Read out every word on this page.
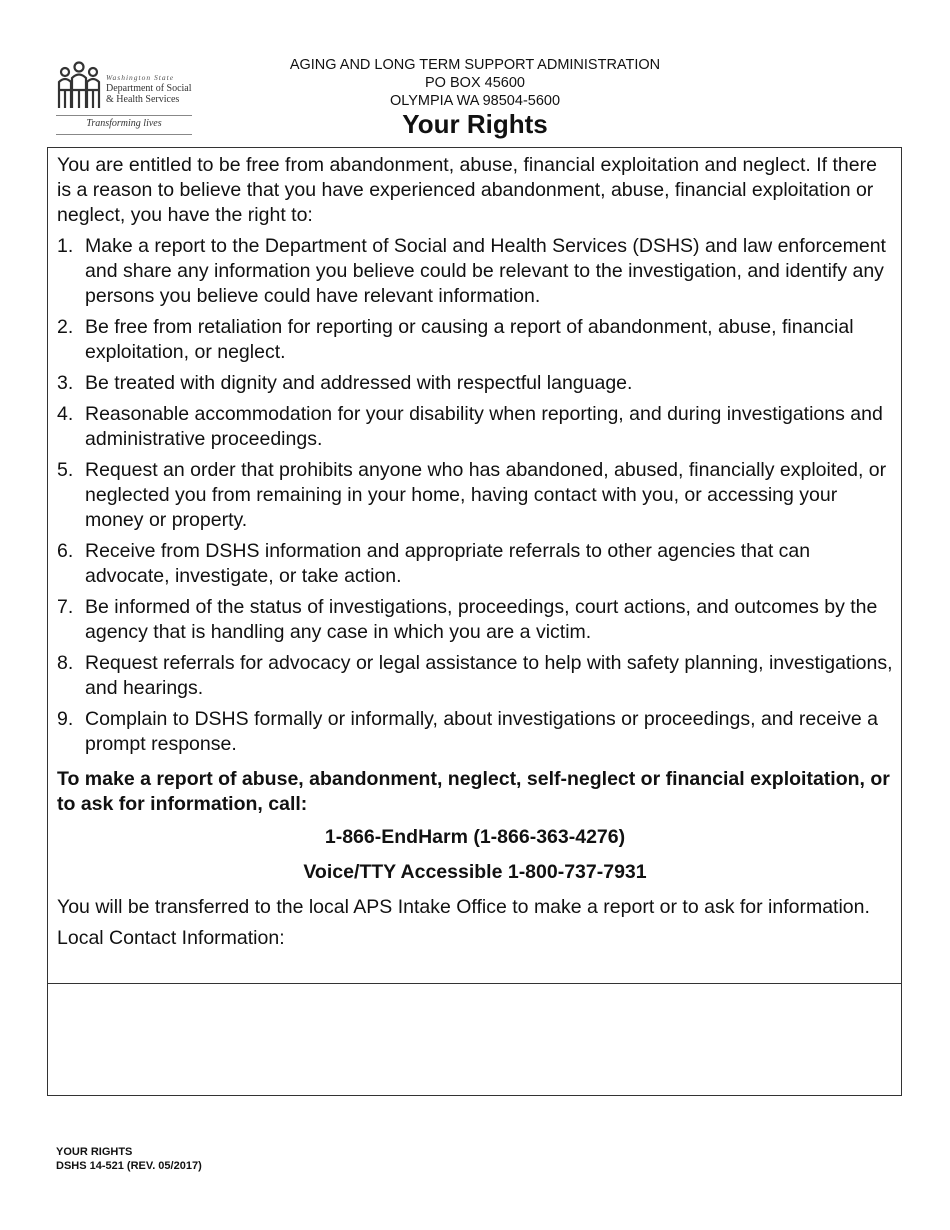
Washington State
Department of Social
& Health Services
Transforming lives
AGING AND LONG TERM SUPPORT ADMINISTRATION
PO BOX 45600
OLYMPIA WA 98504-5600
Your Rights

You are entitled to be free from abandonment, abuse, financial exploitation and neglect. If there is a reason to believe that you have experienced abandonment, abuse, financial exploitation or neglect, you have the right to:

1. Make a report to the Department of Social and Health Services (DSHS) and law enforcement and share any information you believe could be relevant to the investigation, and identify any persons you believe could have relevant information.
2. Be free from retaliation for reporting or causing a report of abandonment, abuse, financial exploitation, or neglect.
3. Be treated with dignity and addressed with respectful language.
4. Reasonable accommodation for your disability when reporting, and during investigations and administrative proceedings.
5. Request an order that prohibits anyone who has abandoned, abused, financially exploited, or neglected you from remaining in your home, having contact with you, or accessing your money or property.
6. Receive from DSHS information and appropriate referrals to other agencies that can advocate, investigate, or take action.
7. Be informed of the status of investigations, proceedings, court actions, and outcomes by the agency that is handling any case in which you are a victim.
8. Request referrals for advocacy or legal assistance to help with safety planning, investigations, and hearings.
9. Complain to DSHS formally or informally, about investigations or proceedings, and receive a prompt response.

To make a report of abuse, abandonment, neglect, self-neglect or financial exploitation, or to ask for information, call:

1-866-EndHarm (1-866-363-4276)

Voice/TTY Accessible 1-800-737-7931

You will be transferred to the local APS Intake Office to make a report or to ask for information.

Local Contact Information:

YOUR RIGHTS
DSHS 14-521 (REV. 05/2017)
